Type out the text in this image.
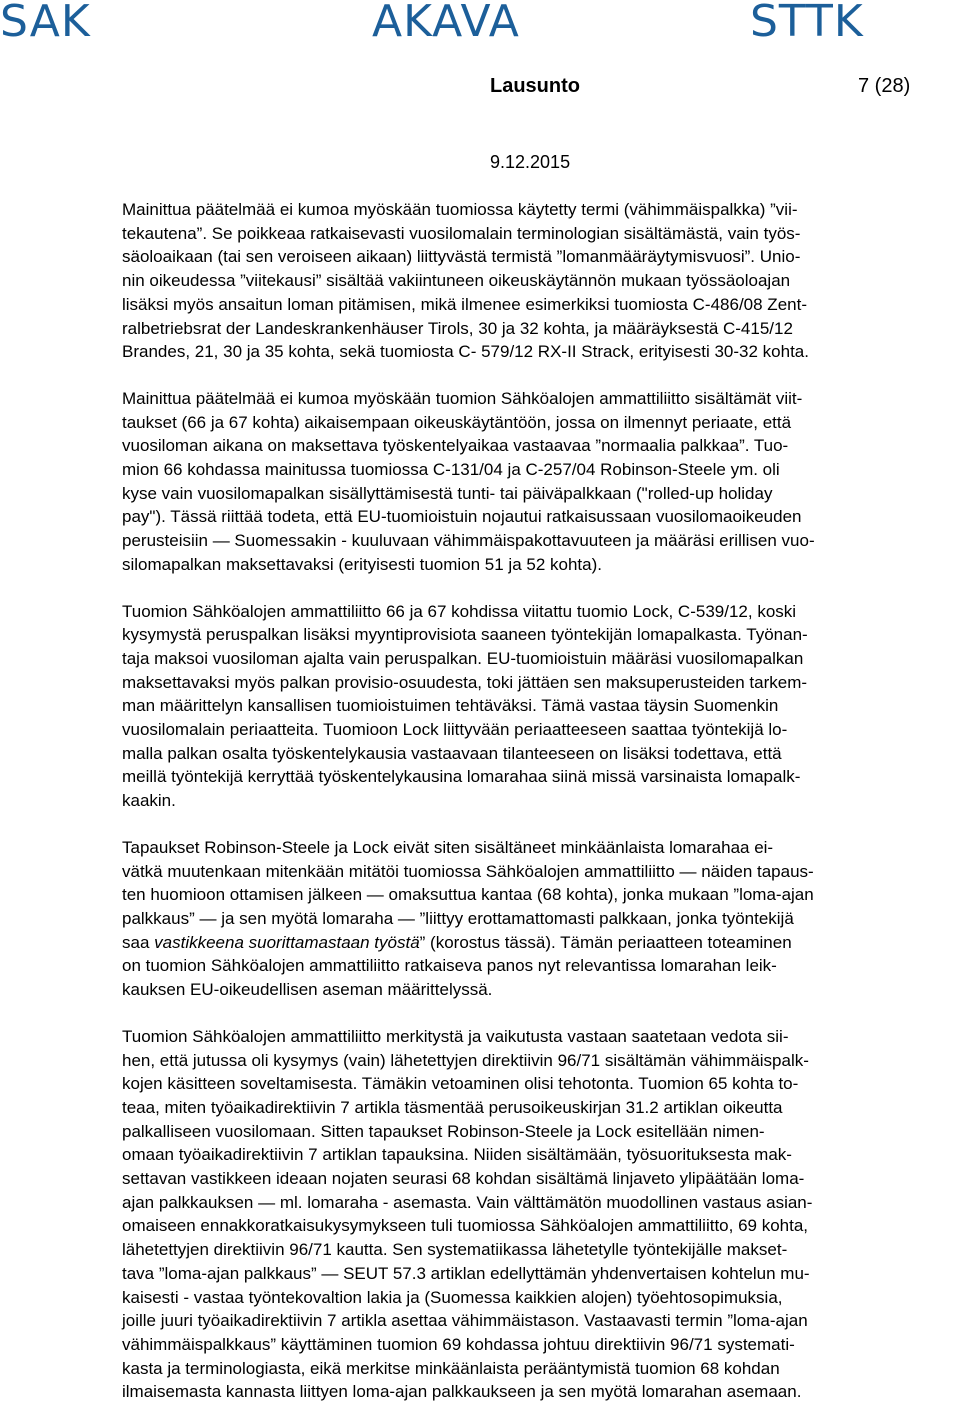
SAK	AKAVA	STTK
Lausunto	7 (28)
9.12.2015

Mainittua päätelmää ei kumoa myöskään tuomiossa käytetty termi (vähimmäispalkka) ”vii-
tekautena”. Se poikkeaa ratkaisevasti vuosilomalain terminologian sisältämästä, vain työs-
säoloaikaan (tai sen veroiseen aikaan) liittyvästä termistä ”lomanmääräytymisvuosi”. Unio-
nin oikeudessa ”viitekausi” sisältää vakiintuneen oikeuskäytännön mukaan työssäoloajan
lisäksi myös ansaitun loman pitämisen, mikä ilmenee esimerkiksi tuomiosta C-486/08 Zent-
ralbetriebsrat der Landeskrankenhäuser Tirols, 30 ja 32 kohta, ja määräyksestä C-415/12
Brandes, 21, 30 ja 35 kohta, sekä tuomiosta C- 579/12 RX-II Strack, erityisesti 30-32 kohta.

Mainittua päätelmää ei kumoa myöskään tuomion Sähköalojen ammattiliitto sisältämät viit-
taukset (66 ja 67 kohta) aikaisempaan oikeuskäytäntöön, jossa on ilmennyt periaate, että
vuosiloman aikana on maksettava työskentelyaikaa vastaavaa ”normaalia palkkaa”. Tuo-
mion 66 kohdassa mainitussa tuomiossa C-131/04 ja C-257/04 Robinson-Steele ym. oli
kyse vain vuosilomapalkan sisällyttämisestä tunti- tai päiväpalkkaan ("rolled-up holiday
pay"). Tässä riittää todeta, että EU-tuomioistuin nojautui ratkaisussaan vuosilomaoikeuden
perusteisiin — Suomessakin - kuuluvaan vähimmäispakottavuuteen ja määräsi erillisen vuo-
silomapalkan maksettavaksi (erityisesti tuomion 51 ja 52 kohta).

Tuomion Sähköalojen ammattiliitto 66 ja 67 kohdissa viitattu tuomio Lock, C-539/12, koski
kysymystä peruspalkan lisäksi myyntiprovisiota saaneen työntekijän lomapalkasta. Työnan-
taja maksoi vuosiloman ajalta vain peruspalkan. EU-tuomioistuin määräsi vuosilomapalkan
maksettavaksi myös palkan provisio-osuudesta, toki jättäen sen maksuperusteiden tarkem-
man määrittelyn kansallisen tuomioistuimen tehtäväksi. Tämä vastaa täysin Suomenkin
vuosilomalain periaatteita. Tuomioon Lock liittyvään periaatteeseen saattaa työntekijä lo-
malla palkan osalta työskentelykausia vastaavaan tilanteeseen on lisäksi todettava, että
meillä työntekijä kerryttää työskentelykausina lomarahaa siinä missä varsinaista lomapalk-
kaakin.

Tapaukset Robinson-Steele ja Lock eivät siten sisältäneet minkäänlaista lomarahaa ei-
vätkä muutenkaan mitenkään mitätöi tuomiossa Sähköalojen ammattiliitto — näiden tapaus-
ten huomioon ottamisen jälkeen — omaksuttua kantaa (68 kohta), jonka mukaan ”loma-ajan
palkkaus” — ja sen myötä lomaraha — ”liittyy erottamattomasti palkkaan, jonka työntekijä
saa vastikkeena suorittamastaan työstä” (korostus tässä). Tämän periaatteen toteaminen
on tuomion Sähköalojen ammattiliitto ratkaiseva panos nyt relevantissa lomarahan leik-
kauksen EU-oikeudellisen aseman määrittelyssä.

Tuomion Sähköalojen ammattiliitto merkitystä ja vaikutusta vastaan saatetaan vedota sii-
hen, että jutussa oli kysymys (vain) lähetettyjen direktiivin 96/71 sisältämän vähimmäispalk-
kojen käsitteen soveltamisesta. Tämäkin vetoaminen olisi tehotonta. Tuomion 65 kohta to-
teaa, miten työaikadirektiivin 7 artikla täsmentää perusoikeuskirjan 31.2 artiklan oikeutta
palkalliseen vuosilomaan. Sitten tapaukset Robinson-Steele ja Lock esitellään nimen-
omaan työaikadirektiivin 7 artiklan tapauksina. Niiden sisältämään, työsuorituksesta mak-
settavan vastikkeen ideaan nojaten seurasi 68 kohdan sisältämä linjaveto ylipäätään loma-
ajan palkkauksen — ml. lomaraha - asemasta. Vain välttämätön muodollinen vastaus asian-
omaiseen ennakkoratkaisukysymykseen tuli tuomiossa Sähköalojen ammattiliitto, 69 kohta,
lähetettyjen direktiivin 96/71 kautta. Sen systematiikassa lähetetylle työntekijälle makset-
tava ”loma-ajan palkkaus” — SEUT 57.3 artiklan edellyttämän yhdenvertaisen kohtelun mu-
kaisesti - vastaa työntekovaltion lakia ja (Suomessa kaikkien alojen) työehtosopimuksia,
joille juuri työaikadirektiivin 7 artikla asettaa vähimmäistason. Vastaavasti termin ”loma-ajan
vähimmäispalkkaus” käyttäminen tuomion 69 kohdassa johtuu direktiivin 96/71 systemati-
kasta ja terminologiasta, eikä merkitse minkäänlaista perääntymistä tuomion 68 kohdan
ilmaisemasta kannasta liittyen loma-ajan palkkaukseen ja sen myötä lomarahan asemaan.
